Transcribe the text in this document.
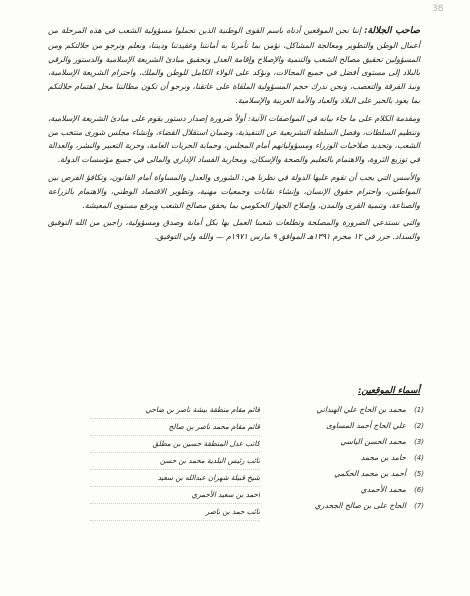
38

صاحب الجلالة: إننا نحن الموقعين أدناه باسم القوى الوطنية الذين تحملوا مسؤولية الشعب في هذه المرحلة من أعمال الوطن والتطوير ومعالجة المشاكل، نؤمن بما تأمرنا به أمانتنا وعقيدتنا وديننا، ونعلم ونرجو من جلالتكم ومن المسؤولين تحقيق مصالح الشعب والتنمية والإصلاح وإقامة العدل وتحقيق مبادئ الشريعة الإسلامية والدستور والرقي بالبلاد إلى مستوى أفضل في جميع المجالات، ونؤكد على الولاء الكامل للوطن والملك، واحترام الشريعة الإسلامية، ونبذ الفرقة والتعصب، ونحن ندرك حجم المسؤولية الملقاة على عاتقنا، ونرجو أن تكون مطالبنا محل اهتمام جلالتكم بما يعود بالخير على البلاد والعباد والأمة العربية والإسلامية.

ومقدمة الكلام على ما جاء بيانه في المواصفات الآتية: أولاً ضرورة إصدار دستور يقوم على مبادئ الشريعة الإسلامية، وتنظيم السلطات، وفصل السلطة التشريعية عن التنفيذية، وضمان استقلال القضاء، وإنشاء مجلس شورى منتخب من الشعب، وتحديد صلاحيات الوزراء ومسؤولياتهم أمام المجلس، وحماية الحريات العامة، وحرية التعبير والنشر، والعدالة في توزيع الثروة، والاهتمام بالتعليم والصحة والإسكان، ومحاربة الفساد الإداري والمالي في جميع مؤسسات الدولة.

والأسس التي يجب أن تقوم عليها الدولة في نظرنا هي: الشورى والعدل والمساواة أمام القانون، وتكافؤ الفرص بين المواطنين، واحترام حقوق الإنسان، وإنشاء نقابات وجمعيات مهنية، وتطوير الاقتصاد الوطني، والاهتمام بالزراعة والصناعة، وتنمية القرى والمدن، وإصلاح الجهاز الحكومي بما يحقق مصالح الشعب ويرفع مستوى المعيشة.

والتي نستدعي الضرورة والمصلحة وتطلعات شعبنا العمل بها بكل أمانة وصدق ومسؤولية، راجين من الله التوفيق والسداد. حرر في ١٢ محرم ١٣٩١هـ الموافق ٩ مارس ١٩٧١م — والله ولي التوفيق.

أسماء الموقعين:
(1)
محمد بن الحاج علي الهبداني
(2)
علي الحاج أحمد المساوى
(3)
محمد الحسن الياسي
(4)
حامد بن محمد
(5)
أحمد بن محمد الحكمي
(6)
محمد الأحمدي
(7)
الحاج على بن صالح الجحدري
قائم مقام منطقة بيشة ناصر بن ضاحي
قائم مقام محمد ناصر بن صالح
كاتب عدل المنطقة حسين بن مطلق
نائب رئيس البلدية محمد بن حسن
شيخ قبيلة شهران عبدالله بن سعيد
أحمد بن سعيد الأحمري
نائب حمد بن ناصر
